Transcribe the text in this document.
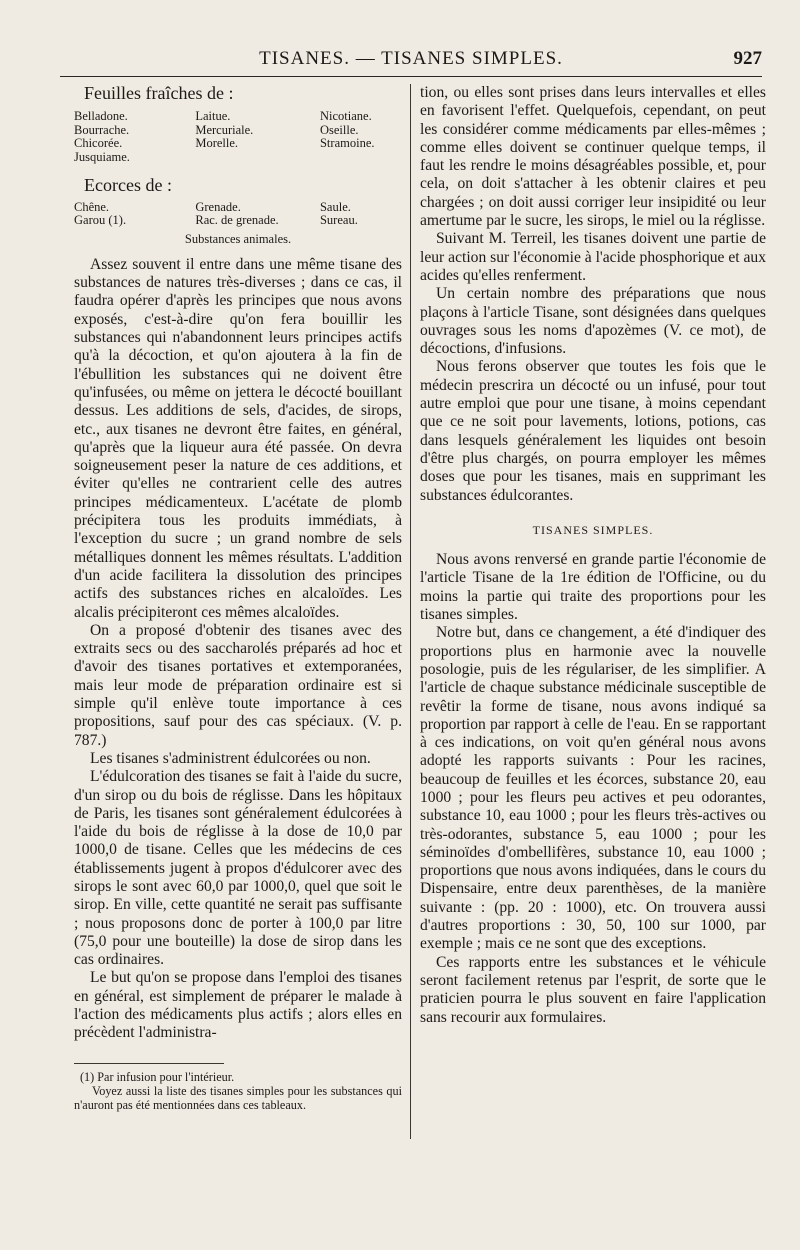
TISANES. — TISANES SIMPLES.	927
Feuilles fraîches de :
Belladone.	Laitue.	Nicotiane.
Bourrache.	Mercuriale.	Oseille.
Chicorée.	Morelle.	Stramoine.
Jusquiame.		
Ecorces de :
Chêne.	Grenade.	Saule.
Garou (1).	Rac. de grenade.	Sureau.
Substances animales.

Assez souvent il entre dans une même tisane des substances de natures très-diverses ; dans ce cas, il faudra opérer d'après les principes que nous avons exposés, c'est-à-dire qu'on fera bouillir les substances qui n'abandonnent leurs principes actifs qu'à la décoction, et qu'on ajoutera à la fin de l'ébullition les substances qui ne doivent être qu'infusées, ou même on jettera le décocté bouillant dessus. Les additions de sels, d'acides, de sirops, etc., aux tisanes ne devront être faites, en général, qu'après que la liqueur aura été passée. On devra soigneusement peser la nature de ces additions, et éviter qu'elles ne contrarient celle des autres principes médicamenteux. L'acétate de plomb précipitera tous les produits immédiats, à l'exception du sucre ; un grand nombre de sels métalliques donnent les mêmes résultats. L'addition d'un acide facilitera la dissolution des principes actifs des substances riches en alcaloïdes. Les alcalis précipiteront ces mêmes alcaloïdes.

On a proposé d'obtenir des tisanes avec des extraits secs ou des saccharolés préparés ad hoc et d'avoir des tisanes portatives et extemporanées, mais leur mode de préparation ordinaire est si simple qu'il enlève toute importance à ces propositions, sauf pour des cas spéciaux. (V. p. 787.)

Les tisanes s'administrent édulcorées ou non.

L'édulcoration des tisanes se fait à l'aide du sucre, d'un sirop ou du bois de réglisse. Dans les hôpitaux de Paris, les tisanes sont généralement édulcorées à l'aide du bois de réglisse à la dose de 10,0 par 1000,0 de tisane. Celles que les médecins de ces établissements jugent à propos d'édulcorer avec des sirops le sont avec 60,0 par 1000,0, quel que soit le sirop. En ville, cette quantité ne serait pas suffisante ; nous proposons donc de porter à 100,0 par litre (75,0 pour une bouteille) la dose de sirop dans les cas ordinaires.

Le but qu'on se propose dans l'emploi des tisanes en général, est simplement de préparer le malade à l'action des médicaments plus actifs ; alors elles en précèdent l'administra-

(1) Par infusion pour l'intérieur.

Voyez aussi la liste des tisanes simples pour les substances qui n'auront pas été mentionnées dans ces tableaux.

tion, ou elles sont prises dans leurs intervalles et elles en favorisent l'effet. Quelquefois, cependant, on peut les considérer comme médicaments par elles-mêmes ; comme elles doivent se continuer quelque temps, il faut les rendre le moins désagréables possible, et, pour cela, on doit s'attacher à les obtenir claires et peu chargées ; on doit aussi corriger leur insipidité ou leur amertume par le sucre, les sirops, le miel ou la réglisse.

Suivant M. Terreil, les tisanes doivent une partie de leur action sur l'économie à l'acide phosphorique et aux acides qu'elles renferment.

Un certain nombre des préparations que nous plaçons à l'article Tisane, sont désignées dans quelques ouvrages sous les noms d'apozèmes (V. ce mot), de décoctions, d'infusions.

Nous ferons observer que toutes les fois que le médecin prescrira un décocté ou un infusé, pour tout autre emploi que pour une tisane, à moins cependant que ce ne soit pour lavements, lotions, potions, cas dans lesquels généralement les liquides ont besoin d'être plus chargés, on pourra employer les mêmes doses que pour les tisanes, mais en supprimant les substances édulcorantes.

TISANES SIMPLES.

Nous avons renversé en grande partie l'économie de l'article Tisane de la 1re édition de l'Officine, ou du moins la partie qui traite des proportions pour les tisanes simples.

Notre but, dans ce changement, a été d'indiquer des proportions plus en harmonie avec la nouvelle posologie, puis de les régulariser, de les simplifier. A l'article de chaque substance médicinale susceptible de revêtir la forme de tisane, nous avons indiqué sa proportion par rapport à celle de l'eau. En se rapportant à ces indications, on voit qu'en général nous avons adopté les rapports suivants : Pour les racines, beaucoup de feuilles et les écorces, substance 20, eau 1000 ; pour les fleurs peu actives et peu odorantes, substance 10, eau 1000 ; pour les fleurs très-actives ou très-odorantes, substance 5, eau 1000 ; pour les séminoïdes d'ombellifères, substance 10, eau 1000 ; proportions que nous avons indiquées, dans le cours du Dispensaire, entre deux parenthèses, de la manière suivante : (pp. 20 : 1000), etc. On trouvera aussi d'autres proportions : 30, 50, 100 sur 1000, par exemple ; mais ce ne sont que des exceptions.

Ces rapports entre les substances et le véhicule seront facilement retenus par l'esprit, de sorte que le praticien pourra le plus souvent en faire l'application sans recourir aux formulaires.
